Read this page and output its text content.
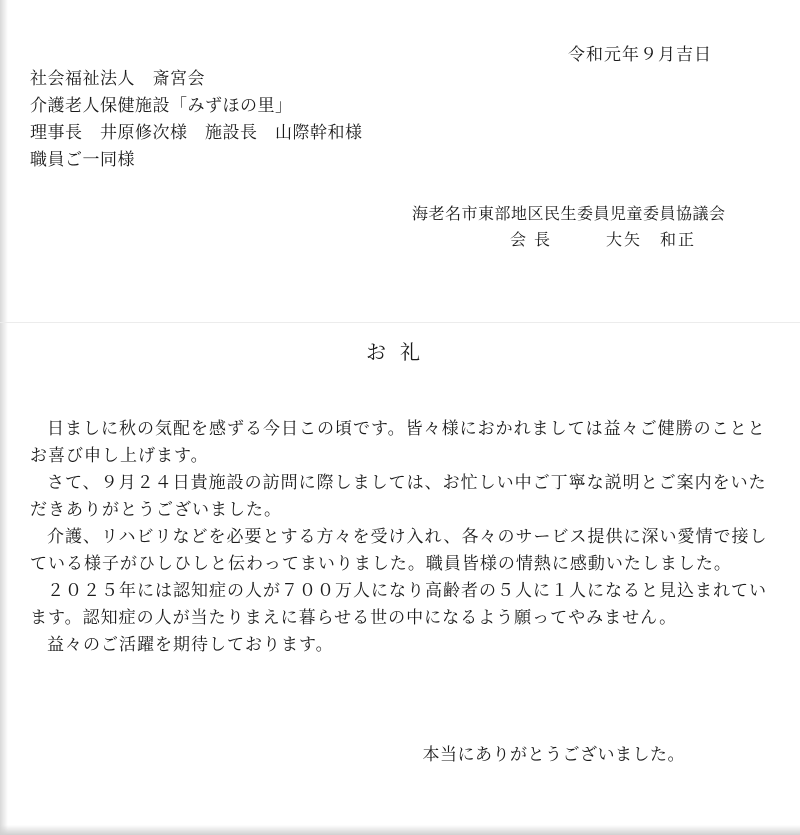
令和元年９月吉日
社会福祉法人　斎宮会
介護老人保健施設「みずほの里」
理事長　井原修次様　施設長　山際幹和様
職員ご一同様
海老名市東部地区民生委員児童委員協議会
会長	大矢　和正
お礼

日ましに秋の気配を感ずる今日この頃です。皆々様におかれましては益々ご健勝のこととお喜び申し上げます。

さて、９月２４日貴施設の訪問に際しましては、お忙しい中ご丁寧な説明とご案内をいただきありがとうございました。

介護、リハビリなどを必要とする方々を受け入れ、各々のサービス提供に深い愛情で接している様子がひしひしと伝わってまいりました。職員皆様の情熱に感動いたしました。

２０２５年には認知症の人が７００万人になり高齢者の５人に１人になると見込まれています。認知症の人が当たりまえに暮らせる世の中になるよう願ってやみません。

益々のご活躍を期待しております。

本当にありがとうございました。
